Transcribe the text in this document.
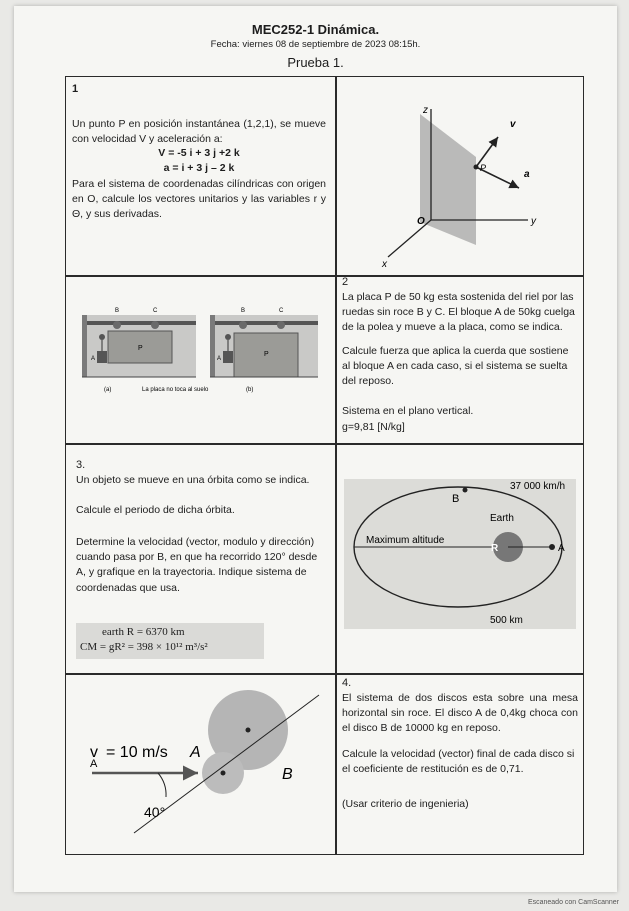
MEC252-1 Dinámica.
Fecha: viernes 08 de septiembre de 2023 08:15h.
Prueba 1.
1
Un punto P en posición instantánea (1,2,1), se mueve con velocidad V y aceleración a:
V = -5 i + 3 j +2 k
a = i + 3 j – 2 k
Para el sistema de coordenadas cilíndricas con origen en O, calcule los vectores unitarios y las variables r y Θ, y sus derivadas.
z
y
x
O
P
v
a
B	C
P
A
B	C
P
A
(a)	La placa no toca al suelo	(b)
2
La placa P de 50 kg esta sostenida del riel por las ruedas sin roce B y C. El bloque A de 50kg cuelga de la polea y mueve a la placa, como se indica.
Calcule fuerza que aplica la cuerda que sostiene al bloque A en cada caso, si el sistema se suelta del reposo.
Sistema en el plano vertical.
g=9,81 [N/kg]
3.
Un objeto se mueve en una órbita como se indica.
Calcule el periodo de dicha órbita.
Determine la velocidad (vector, modulo y dirección) cuando pasa por B, en que ha recorrido 120° desde A, y grafique en la trayectoria. Indique sistema de coordenadas que usa.
earth R = 6370 km
CM = gR² = 398 × 10¹² m³/s²
37 000 km/h
B
Earth
Maximum altitude
R	A
500 km
v
A
= 10 m/s A
B
40°
4.
El sistema de dos discos esta sobre una mesa horizontal sin roce. El disco A de 0,4kg choca con el disco B de 10000 kg en reposo.
Calcule la velocidad (vector) final de cada disco si el coeficiente de restitución es de 0,71.
(Usar criterio de ingenieria)
Escaneado con CamScanner
